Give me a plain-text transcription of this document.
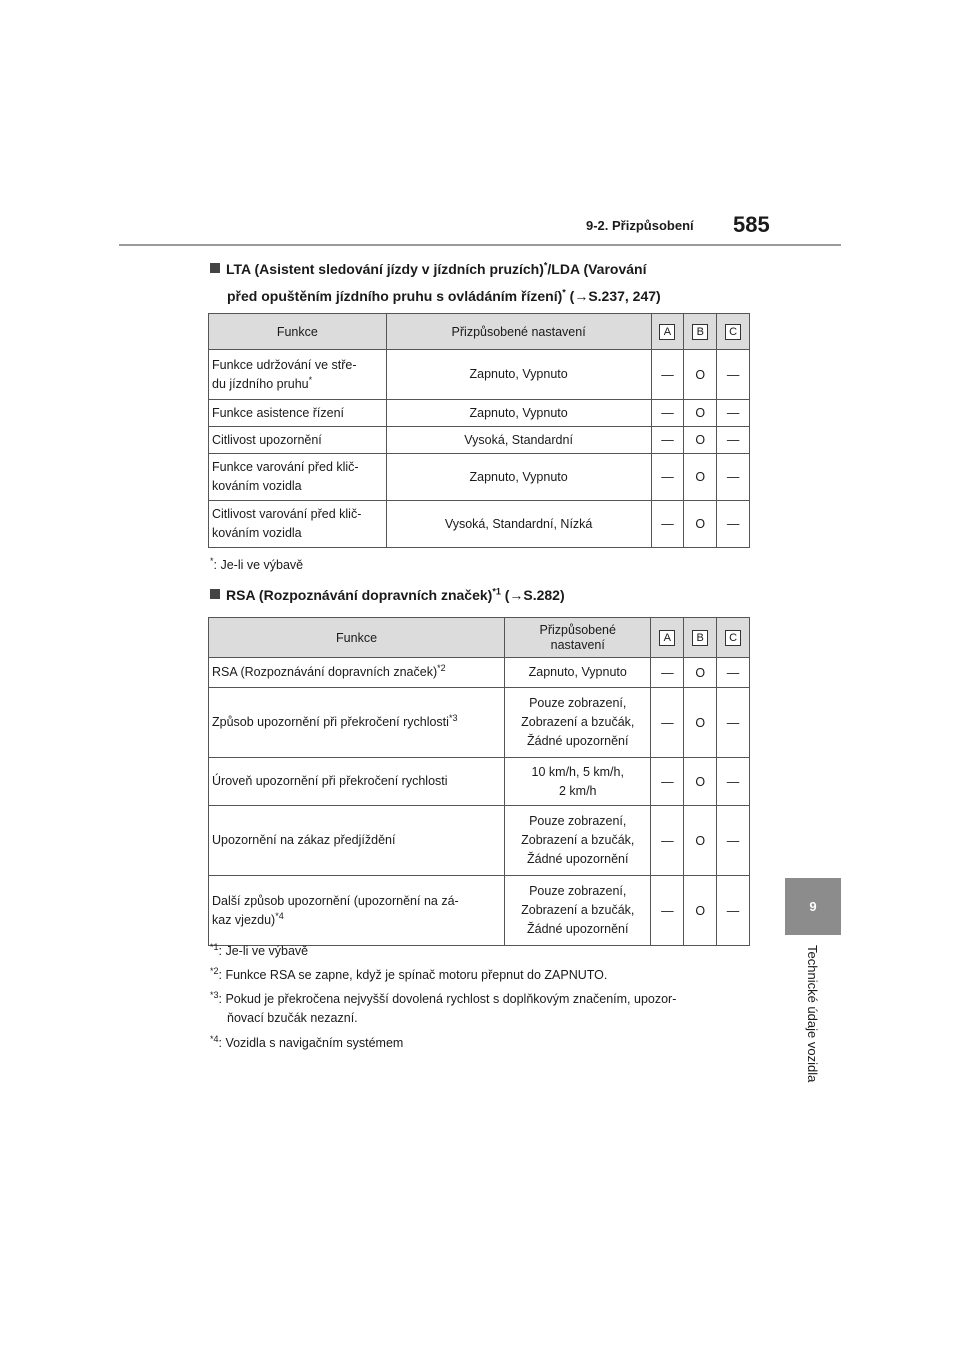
9-2. Přizpůsobení 585
9
Technické údaje vozidla
LTA (Asistent sledování jízdy v jízdních pruzích)*/LDA (Varování
před opuštěním jízdního pruhu s ovládáním řízení)* (→S.237, 247)
Funkce	Přizpůsobené nastavení	A	B	C
Funkce udržování ve stře-
du jízdního pruhu*	Zapnuto, Vypnuto	—	O	—
Funkce asistence řízení	Zapnuto, Vypnuto	—	O	—
Citlivost upozornění	Vysoká, Standardní	—	O	—
Funkce varování před klič-
kováním vozidla	Zapnuto, Vypnuto	—	O	—
Citlivost varování před klič-
kováním vozidla	Vysoká, Standardní, Nízká	—	O	—
*: Je-li ve výbavě
RSA (Rozpoznávání dopravních značek)$^{*1}$ (→S.282)
Funkce	Přizpůsobené
nastavení	A	B	C
RSA (Rozpoznávání dopravních značek)$^{*2}$	Zapnuto, Vypnuto	—	O	—
Způsob upozornění při překročení rychlosti$^{*3}$	Pouze zobrazení,
Zobrazení a bzučák,
Žádné upozornění	—	O	—
Úroveň upozornění při překročení rychlosti	10 km/h, 5 km/h,
2 km/h	—	O	—
Upozornění na zákaz předjíždění	Pouze zobrazení,
Zobrazení a bzučák,
Žádné upozornění	—	O	—
Další způsob upozornění (upozornění na zá-
kaz vjezdu)$^{*4}$	Pouze zobrazení,
Zobrazení a bzučák,
Žádné upozornění	—	O	—
$^{*1}$: Je-li ve výbavě
$^{*2}$: Funkce RSA se zapne, když je spínač motoru přepnut do ZAPNUTO.
$^{*3}$: Pokud je překročena nejvyšší dovolená rychlost s doplňkovým značením, upozor-
ňovací bzučák nezazní.
$^{*4}$: Vozidla s navigačním systémem
